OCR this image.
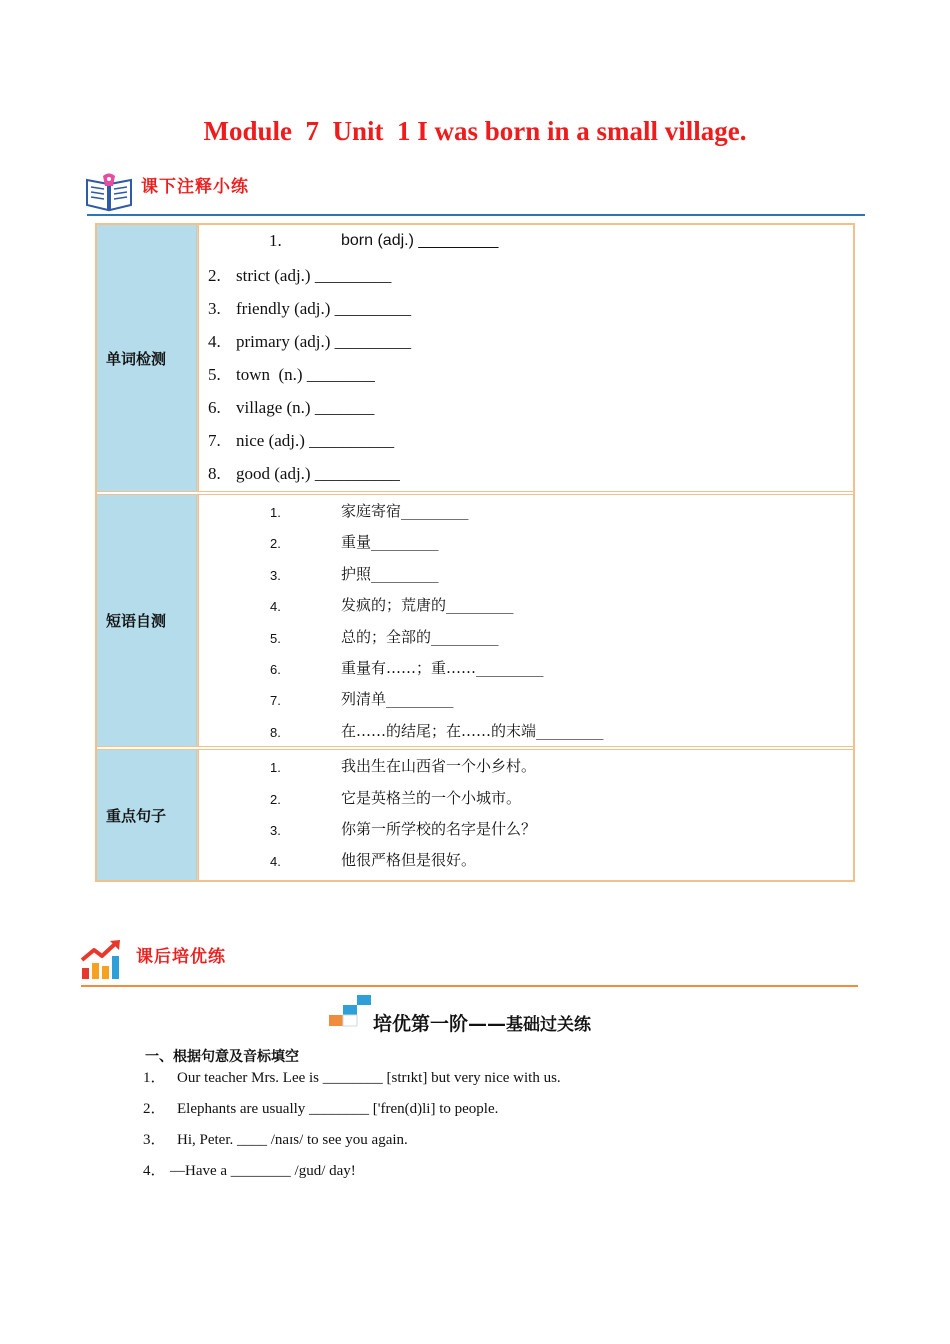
Module  7  Unit  1 I was born in a small village.
课下注释小练
单词检测
1.	born (adj.) _________
2. strict (adj.) _________
3. friendly (adj.) _________
4. primary (adj.) _________
5. town  (n.) ________
6. village (n.) _______
7. nice (adj.) __________
8. good (adj.) __________
短语自测
1.	家庭寄宿_________
2.	重量_________
3.	护照_________
4.	发疯的；荒唐的_________
5.	总的；全部的_________
6.	重量有……；重……_________
7.	列清单_________
8.	在……的结尾；在……的末端_________
重点句子
1.	我出生在山西省一个小乡村。
2.	它是英格兰的一个小城市。
3.	你第一所学校的名字是什么？
4.	他很严格但是很好。
课后培优练
培优第一阶——基础过关练
一、根据句意及音标填空
1． Our teacher Mrs. Lee is ________ [strɪkt] but very nice with us.
2． Elephants are usually ________ ['fren(d)li] to people.
3． Hi, Peter. ____ /naɪs/ to see you again.
4． —Have a ________ /gud/ day!
